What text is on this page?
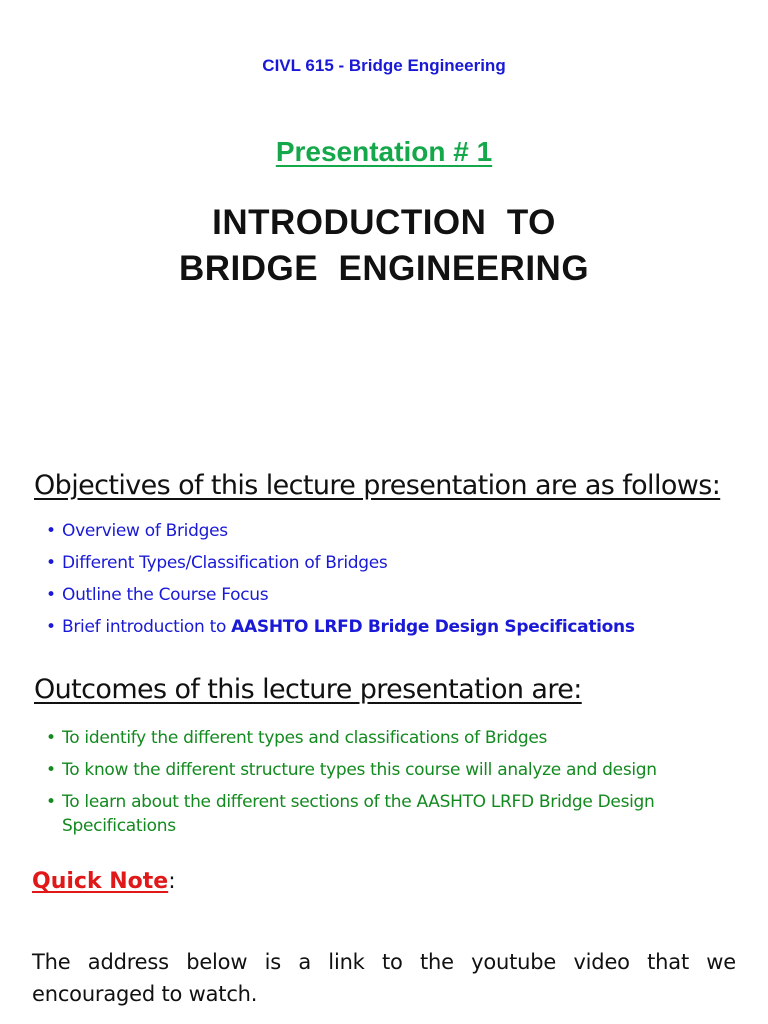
CIVL 615 - Bridge Engineering
Presentation # 1
INTRODUCTION  TO
BRIDGE  ENGINEERING
Objectives of this lecture presentation are as follows:
• Overview of Bridges
• Different Types/Classification of Bridges
• Outline the Course Focus
• Brief introduction to AASHTO LRFD Bridge Design Specifications
Outcomes of this lecture presentation are:
• To identify the different types and classifications of Bridges
• To know the different structure types this course will analyze and design
• To learn about the different sections of the AASHTO LRFD Bridge Design Specifications
Quick Note:
The address below is a link to the youtube video that we encouraged to watch.
